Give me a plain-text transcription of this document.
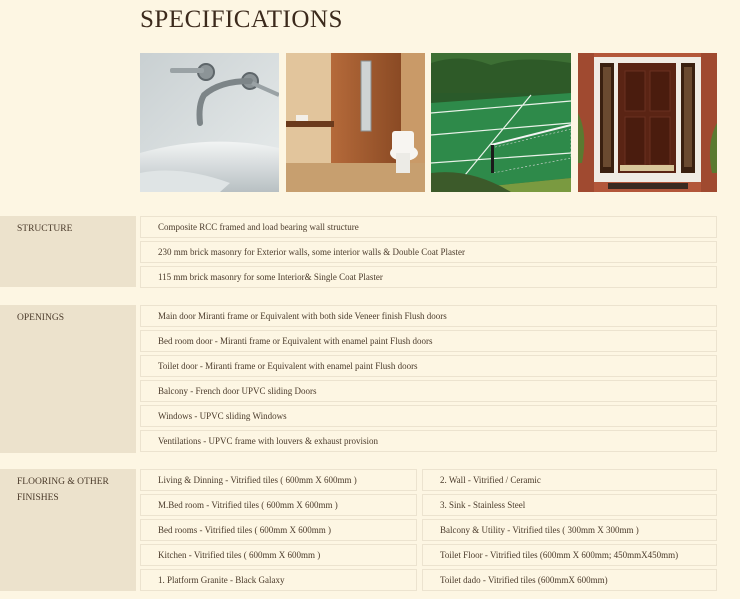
SPECIFICATIONS
STRUCTURE	Composite RCC framed and load bearing wall structure
230 mm brick masonry for Exterior walls, some interior walls & Double Coat Plaster
115 mm brick masonry for some Interior& Single Coat Plaster
OPENINGS	Main door Miranti frame or Equivalent with both side Veneer finish Flush doors
Bed room door - Miranti frame or Equivalent with enamel paint Flush doors
Toilet door - Miranti frame or Equivalent with enamel paint Flush doors
Balcony - French door UPVC sliding Doors
Windows - UPVC sliding Windows
Ventilations - UPVC frame with louvers & exhaust provision
FLOORING & OTHER FINISHES
Living & Dinning - Vitrified tiles ( 600mm X 600mm )
M.Bed room - Vitrified tiles ( 600mm X 600mm )
Bed rooms - Vitrified tiles ( 600mm X 600mm )
Kitchen - Vitrified tiles ( 600mm X 600mm )
1. Platform Granite - Black Galaxy
2. Wall - Vitrified / Ceramic
3. Sink - Stainless Steel
Balcony & Utility - Vitrified tiles ( 300mm X 300mm )
Toilet Floor - Vitrified tiles (600mm X 600mm; 450mmX450mm)
Toilet dado - Vitrified tiles (600mmX 600mm)
